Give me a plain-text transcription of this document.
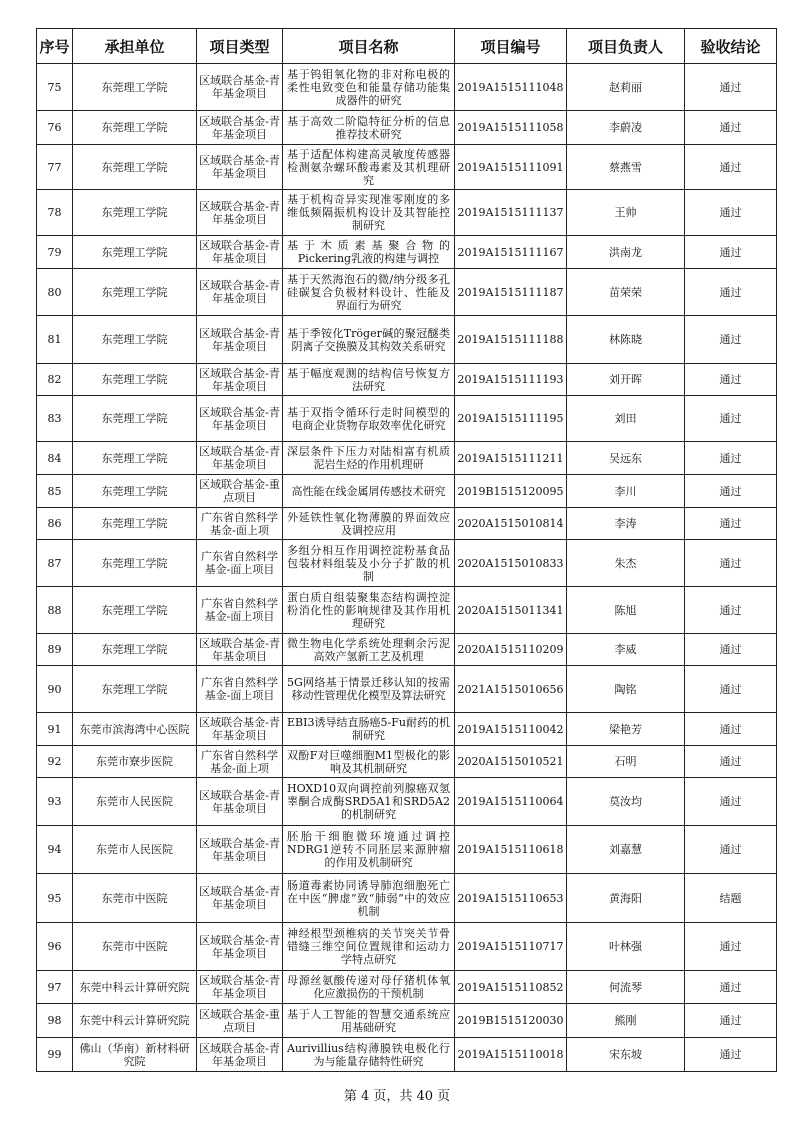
序号	承担单位	项目类型	项目名称	项目编号	项目负责人	验收结论
75	东莞理工学院	区域联合基金-青年基金项目	基于钨钼氧化物的非对称电极的柔性电致变色和能量存储功能集成器件的研究	2019A1515111048	赵莉丽	通过
76	东莞理工学院	区域联合基金-青年基金项目	基于高效二阶隐特征分析的信息推荐技术研究	2019A1515111058	李蔚凌	通过
77	东莞理工学院	区域联合基金-青年基金项目	基于适配体构建高灵敏度传感器检测氨杂螺环酸毒素及其机理研究	2019A1515111091	蔡燕雪	通过
78	东莞理工学院	区域联合基金-青年基金项目	基于机构奇异实现准零刚度的多维低频隔振机构设计及其智能控制研究	2019A1515111137	王帅	通过
79	东莞理工学院	区域联合基金-青年基金项目	基于木质素基聚合物的Pickering乳液的构建与调控	2019A1515111167	洪南龙	通过
80	东莞理工学院	区域联合基金-青年基金项目	基于天然海泡石的微/纳分级多孔硅碳复合负极材料设计、性能及界面行为研究	2019A1515111187	苗荣荣	通过
81	东莞理工学院	区域联合基金-青年基金项目	基于季铵化Tröger碱的聚冠醚类阴离子交换膜及其构效关系研究	2019A1515111188	林陈晓	通过
82	东莞理工学院	区域联合基金-青年基金项目	基于幅度观测的结构信号恢复方法研究	2019A1515111193	刘开晖	通过
83	东莞理工学院	区域联合基金-青年基金项目	基于双指令循环行走时间模型的电商企业货物存取效率优化研究	2019A1515111195	刘田	通过
84	东莞理工学院	区域联合基金-青年基金项目	深层条件下压力对陆相富有机质泥岩生烃的作用机理研	2019A1515111211	吴远东	通过
85	东莞理工学院	区域联合基金-重点项目	高性能在线金属屑传感技术研究	2019B1515120095	李川	通过
86	东莞理工学院	广东省自然科学基金-面上项	外延铁性氧化物薄膜的界面效应及调控应用	2020A1515010814	李涛	通过
87	东莞理工学院	广东省自然科学基金-面上项目	多组分相互作用调控淀粉基食品包装材料组装及小分子扩散的机制	2020A1515010833	朱杰	通过
88	东莞理工学院	广东省自然科学基金-面上项目	蛋白质自组装聚集态结构调控淀粉消化性的影响规律及其作用机理研究	2020A1515011341	陈旭	通过
89	东莞理工学院	区域联合基金-青年基金项目	微生物电化学系统处理剩余污泥高效产氢新工艺及机理	2020A1515110209	李威	通过
90	东莞理工学院	广东省自然科学基金-面上项目	5G网络基于情景迁移认知的按需移动性管理优化模型及算法研究	2021A1515010656	陶铭	通过
91	东莞市滨海湾中心医院	区域联合基金-青年基金项目	EBI3诱导结直肠癌5-Fu耐药的机制研究	2019A1515110042	梁艳芳	通过
92	东莞市寮步医院	广东省自然科学基金-面上项	双酚F对巨噬细胞M1型极化的影响及其机制研究	2020A1515010521	石明	通过
93	东莞市人民医院	区域联合基金-青年基金项目	HOXD10双向调控前列腺癌双氢睾酮合成酶SRD5A1和SRD5A2的机制研究	2019A1515110064	莫汝均	通过
94	东莞市人民医院	区域联合基金-青年基金项目	胚胎干细胞微环境通过调控NDRG1逆转不同胚层来源肿瘤的作用及机制研究	2019A1515110618	刘嘉慧	通过
95	东莞市中医院	区域联合基金-青年基金项目	肠道毒素协同诱导肺泡细胞死亡在中医“脾虚”致“肺弱”中的效应机制	2019A1515110653	黄海阳	结题
96	东莞市中医院	区域联合基金-青年基金项目	神经根型颈椎病的关节突关节骨错缝三维空间位置规律和运动力学特点研究	2019A1515110717	叶林强	通过
97	东莞中科云计算研究院	区域联合基金-青年基金项目	母源丝氨酸传递对母仔猪机体氧化应激损伤的干预机制	2019A1515110852	何流琴	通过
98	东莞中科云计算研究院	区域联合基金-重点项目	基于人工智能的智慧交通系统应用基础研究	2019B1515120030	熊刚	通过
99	佛山（华南）新材料研究院	区域联合基金-青年基金项目	Aurivillius结构薄膜铁电极化行为与能量存储特性研究	2019A1515110018	宋东坡	通过
第 4 页，共 40 页
